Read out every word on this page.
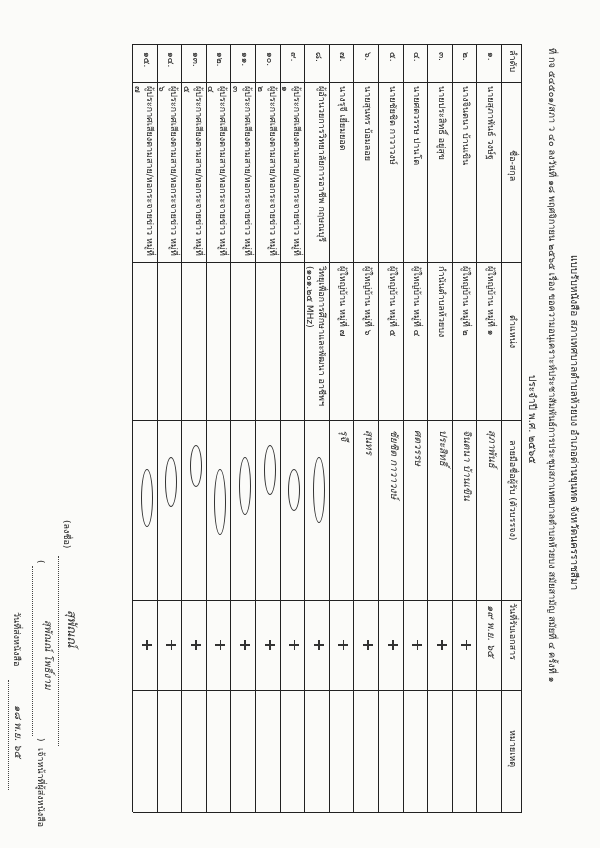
แบบรับหนังสือ สภาเทศบาลตำบลห้วยบง อำเภอด่านขุนทด จังหวัดนครราชสีมา
ที่ กจ ๕๔๕๐๑/สภา ว ๔๐ ลงวันที่ ๑๘ พฤศจิกายน ๒๕๖๕ เรื่อง ขอความอนุเคราะห์ประชาสัมพันธ์การประชุมสภาเทศบาลตำบลห้วยบง สมัยสามัญ สมัยที่ ๔ ครั้งที่ ๑
ประจำปี พ.ศ. ๒๕๖๕
ลำดับ
ชื่อ-สกุล
ตำแหน่ง
ลายมือชื่อผู้รับ (ตัวบรรจง)
วันที่รับเอกสาร
หมายเหตุ
๑.
นายสุภาพันธ์ วงษ์ฐ
ผู้ใหญ่บ้าน หมู่ที่ ๑
สุภาพันธ์
๑๙ พ.ย. ๖๕
๒.
นางจินตนา บ้านเขิน
ผู้ใหญ่บ้าน หมู่ที่ ๒
จินตนา บ้านเขิน
๓.
นายประสิทธิ์ อยู่สุข
กำนันตำบลห้วยบง
ประสิทธิ์
๔.
นายศตวรรษ ปานโต
ผู้ใหญ่บ้าน หมู่ที่ ๔
ศตวรรษ
๕.
นายชัยชิต กาวาวงษ์
ผู้ใหญ่บ้าน หมู่ที่ ๕
ชัยชิต กาวาวงษ์
๖.
นายสุนทร บ้อมลอย
ผู้ใหญ่บ้าน หมู่ที่ ๖
สุนทร
๗.
นางรุจี เยี่ยมยอด
ผู้ใหญ่บ้าน หมู่ที่ ๗
รุจี
๘.
ผู้อำนวยการวิทยาลัยการอาชีพ กฤษณบุรี
วิทยุเพื่อการศึกษาและพัฒนา อาชีพฯ (๑๐๑.๒๕ MHz)
๙.
ผู้ประกาศเสียงตามสาย/หอกระจายข่าว หมู่ที่ ๑
๑๐.
ผู้ประกาศเสียงตามสาย/หอกระจายข่าว หมู่ที่ ๒
๑๑.
ผู้ประกาศเสียงตามสาย/หอกระจายข่าว หมู่ที่ ๓
๑๒.
ผู้ประกาศเสียงตามสาย/หอกระจายข่าว หมู่ที่ ๔
๑๓.
ผู้ประกาศเสียงตามสาย/หอกระจายข่าว หมู่ที่ ๕
๑๔.
ผู้ประกาศเสียงตามสาย/หอกระจายข่าว หมู่ที่ ๖
๑๕.
ผู้ประกาศเสียงตามสาย/หอกระจายข่าว หมู่ที่ ๗
(ลงชื่อ)
สุพัณณ์
(
)
เจ้าหน้าที่ผู้ส่งหนังสือ
สุพัณณ์ โพธิ์งาม
วันที่ส่งหนังสือ
๑๘ พ.ย. ๖๕
